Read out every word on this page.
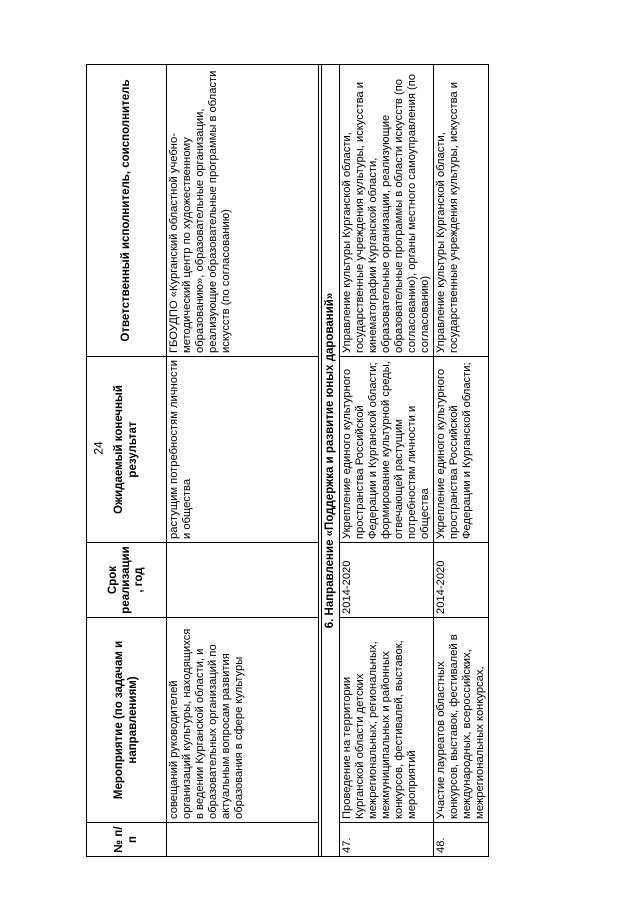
24
№ п/п	Мероприятие (по задачам и направлениям)	Срок реализации, год	Ожидаемый конечный результат	Ответственный исполнитель, соисполнитель
	совещаний руководителей организаций культуры, находящихся в ведении Курганской области, и образовательных организаций по актуальным вопросам развития образования в сфере культуры		растущим потребностям личности и общества	ГБОУДПО «Курганский областной учебно-методический центр по художественному образованию», образовательные организации, реализующие образовательные программы в области искусств (по согласованию)

6. Направление «Поддержка и развитие юных дарований»				
47.	Проведение на территории Курганской области детских межрегиональных, региональных, межмуниципальных и районных конкурсов, фестивалей, выставок, мероприятий	2014-2020	Укрепление единого культурного пространства Российской Федерации и Курганской области; формирование культурной среды, отвечающей растущим потребностям личности и общества	Управление культуры Курганской области, государственные учреждения культуры, искусства и кинематографии Курганской области, образовательные организации, реализующие образовательные программы в области искусств (по согласованию), органы местного самоуправления (по согласованию)
48.	Участие лауреатов областных конкурсов, выставок, фестивалей в международных, всероссийских, межрегиональных конкурсах,	2014-2020	Укрепление единого культурного пространства Российской Федерации и Курганской области;	Управление культуры Курганской области, государственные учреждения культуры, искусства и
